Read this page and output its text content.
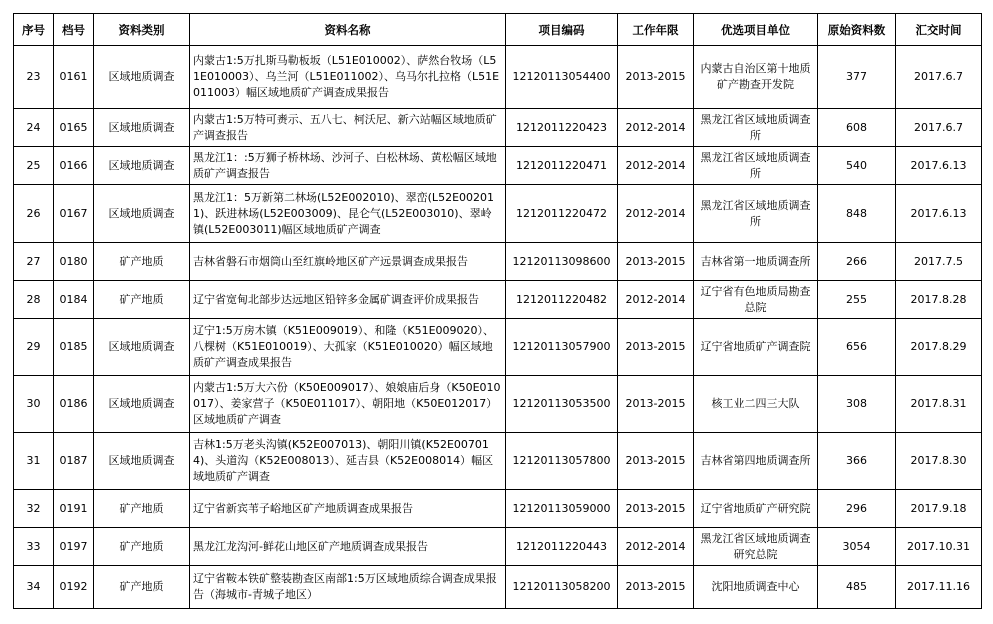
序号	档号	资料类别	资料名称	项目编码	工作年限	优选项目单位	原始资料数	汇交时间
23	0161	区域地质调查	内蒙古1:5万扎斯马勒板坂（L51E010002）、萨然台牧场（L51E010003）、乌兰河（L51E011002）、乌马尔扎拉格（L51E011003）幅区域地质矿产调查成果报告	12120113054400	2013-2015	内蒙古自治区第十地质矿产勘查开发院	377	2017.6.7
24	0165	区域地质调查	内蒙古1:5万特可赉示、五八七、柯沃尼、新六站幅区域地质矿产调查报告	1212011220423	2012-2014	黑龙江省区域地质调查所	608	2017.6.7
25	0166	区域地质调查	黑龙江1：:5万狮子桥林场、沙河子、白松林场、黄松幅区域地质矿产调查报告	1212011220471	2012-2014	黑龙江省区域地质调查所	540	2017.6.13
26	0167	区域地质调查	黑龙江1：5万新第二林场(L52E002010)、翠峦(L52E002011)、跃进林场(L52E003009)、昆仑气(L52E003010)、翠岭镇(L52E003011)幅区域地质矿产调查	1212011220472	2012-2014	黑龙江省区域地质调查所	848	2017.6.13
27	0180	矿产地质	吉林省磐石市烟筒山至红旗岭地区矿产远景调查成果报告	12120113098600	2013-2015	吉林省第一地质调查所	266	2017.7.5
28	0184	矿产地质	辽宁省宽甸北部步达远地区铅锌多金属矿调查评价成果报告	1212011220482	2012-2014	辽宁省有色地质局勘查总院	255	2017.8.28
29	0185	区域地质调查	辽宁1:5万房木镇（K51E009019）、和隆（K51E009020）、八棵树（K51E010019）、大孤家（K51E010020）幅区域地质矿产调查成果报告	12120113057900	2013-2015	辽宁省地质矿产调查院	656	2017.8.29
30	0186	区域地质调查	内蒙古1:5万大六份（K50E009017）、娘娘庙后身（K50E010017）、姜家营子（K50E011017）、朝阳地（K50E012017）区域地质矿产调查	12120113053500	2013-2015	核工业二四三大队	308	2017.8.31
31	0187	区域地质调查	吉林1:5万老头沟镇(K52E007013)、朝阳川镇(K52E007014)、头道沟（K52E008013）、延吉县（K52E008014）幅区域地质矿产调查	12120113057800	2013-2015	吉林省第四地质调查所	366	2017.8.30
32	0191	矿产地质	辽宁省新宾苇子峪地区矿产地质调查成果报告	12120113059000	2013-2015	辽宁省地质矿产研究院	296	2017.9.18
33	0197	矿产地质	黑龙江龙沟河-鲜花山地区矿产地质调查成果报告	1212011220443	2012-2014	黑龙江省区域地质调查研究总院	3054	2017.10.31
34	0192	矿产地质	辽宁省鞍本铁矿整装勘查区南部1:5万区域地质综合调查成果报告（海城市-青城子地区）	12120113058200	2013-2015	沈阳地质调查中心	485	2017.11.16
